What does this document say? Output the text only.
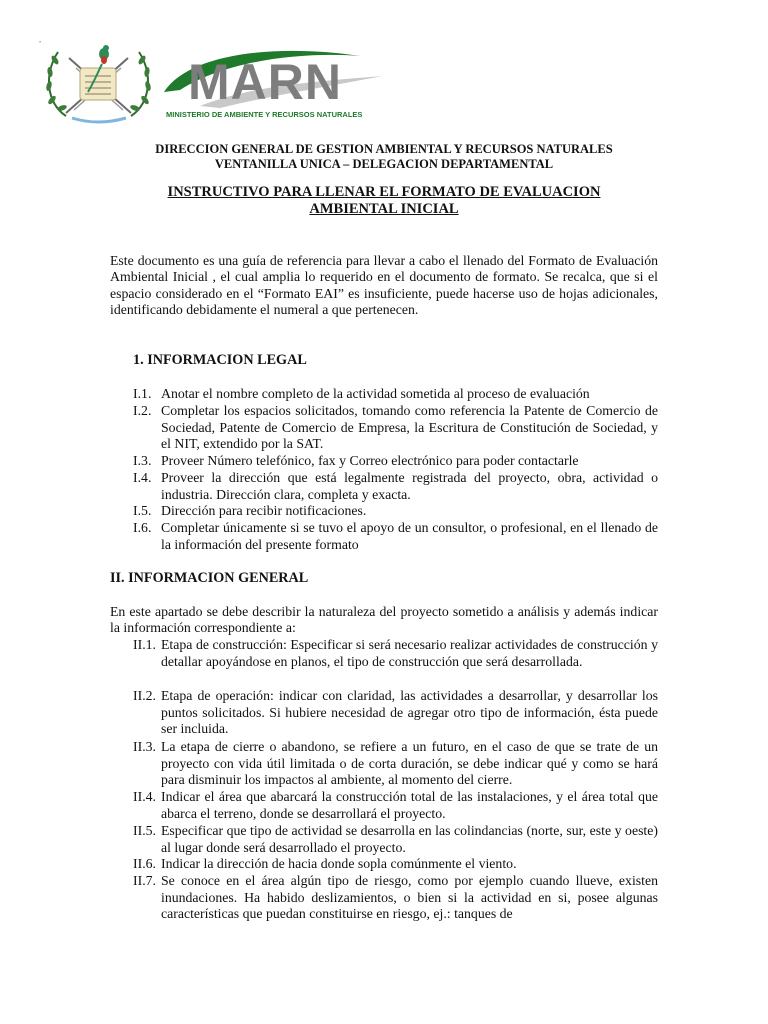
•
MARN
MINISTERIO DE AMBIENTE Y RECURSOS NATURALES
DIRECCION GENERAL DE GESTION AMBIENTAL Y RECURSOS NATURALES
VENTANILLA UNICA – DELEGACION DEPARTAMENTAL
INSTRUCTIVO PARA LLENAR EL FORMATO DE EVALUACION
AMBIENTAL INICIAL
Este documento es una guía de referencia para llevar a cabo el llenado del Formato de Evaluación Ambiental Inicial , el cual amplia lo requerido en el documento de formato. Se recalca, que si el espacio considerado en el “Formato EAI” es insuficiente, puede hacerse uso de hojas adicionales, identificando debidamente el numeral a que pertenecen.
1. INFORMACION LEGAL
I.1. Anotar el nombre completo de la actividad sometida al proceso de evaluación
I.2. Completar los espacios solicitados, tomando como referencia la Patente de Comercio de Sociedad, Patente de Comercio de Empresa, la Escritura de Constitución de Sociedad, y el NIT, extendido por la SAT.
I.3. Proveer Número telefónico, fax y Correo electrónico para poder contactarle
I.4. Proveer la dirección que está legalmente registrada del proyecto, obra, actividad o industria. Dirección clara, completa y exacta.
I.5. Dirección para recibir notificaciones.
I.6. Completar únicamente si se tuvo el apoyo de un consultor, o profesional, en el llenado de la información del presente formato
II. INFORMACION GENERAL
En este apartado se debe describir la naturaleza del proyecto sometido a análisis y además indicar la información correspondiente a:
II.1. Etapa de construcción: Especificar si será necesario realizar actividades de construcción y detallar apoyándose en planos, el tipo de construcción que será desarrollada.
II.2. Etapa de operación: indicar con claridad, las actividades a desarrollar, y desarrollar los puntos solicitados. Si hubiere necesidad de agregar otro tipo de información, ésta puede ser incluida.
II.3. La etapa de cierre o abandono, se refiere a un futuro, en el caso de que se trate de un proyecto con vida útil limitada o de corta duración, se debe indicar qué y como se hará para disminuir los impactos al ambiente, al momento del cierre.
II.4. Indicar el área que abarcará la construcción total de las instalaciones, y el área total que abarca el terreno, donde se desarrollará el proyecto.
II.5. Especificar que tipo de actividad se desarrolla en las colindancias (norte, sur, este y oeste) al lugar donde será desarrollado el proyecto.
II.6. Indicar la dirección de hacia donde sopla comúnmente el viento.
II.7. Se conoce en el área algún tipo de riesgo, como por ejemplo cuando llueve, existen inundaciones. Ha habido deslizamientos, o bien si la actividad en si, posee algunas características que puedan constituirse en riesgo, ej.: tanques de
